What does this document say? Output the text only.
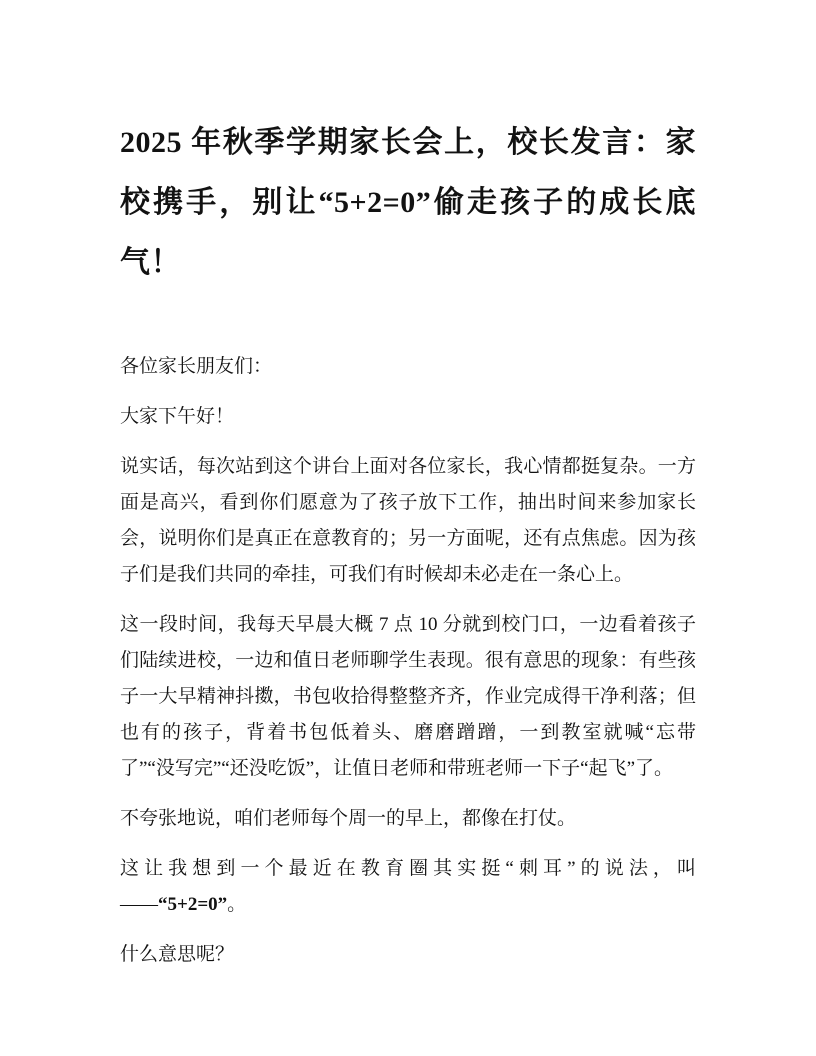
2025 年秋季学期家长会上，校长发言：家校携手，别让“5+2=0”偷走孩子的成长底气！

各位家长朋友们：

大家下午好！

说实话，每次站到这个讲台上面对各位家长，我心情都挺复杂。一方面是高兴，看到你们愿意为了孩子放下工作，抽出时间来参加家长会，说明你们是真正在意教育的；另一方面呢，还有点焦虑。因为孩子们是我们共同的牵挂，可我们有时候却未必走在一条心上。

这一段时间，我每天早晨大概 7 点 10 分就到校门口，一边看着孩子们陆续进校，一边和值日老师聊学生表现。很有意思的现象：有些孩子一大早精神抖擞，书包收拾得整整齐齐，作业完成得干净利落；但也有的孩子，背着书包低着头、磨磨蹭蹭，一到教室就喊“忘带了”“没写完”“还没吃饭”，让值日老师和带班老师一下子“起飞”了。

不夸张地说，咱们老师每个周一的早上，都像在打仗。

这让我想到一个最近在教育圈其实挺“刺耳”的说法，叫——“5+2=0”。

什么意思呢？
